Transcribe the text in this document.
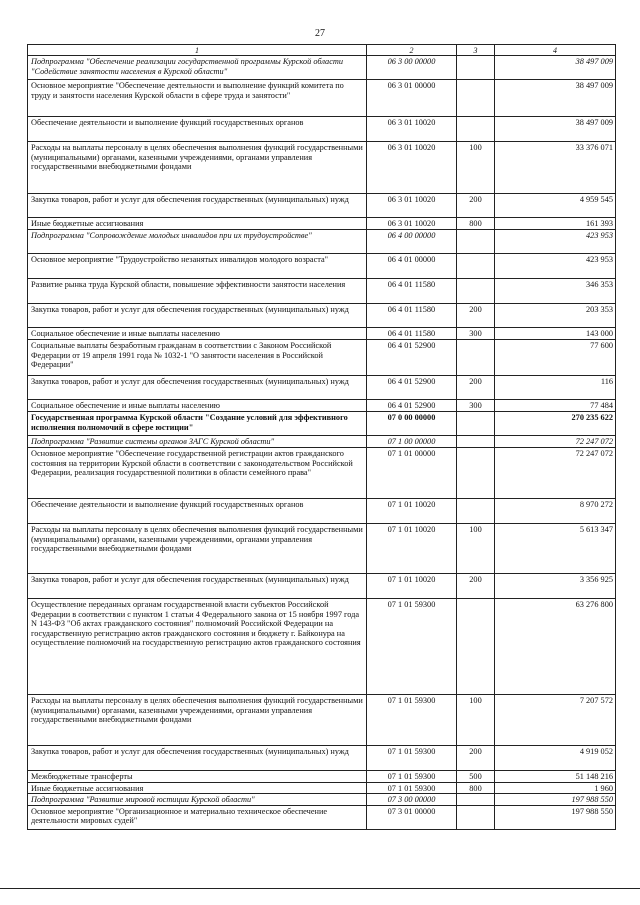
27
1	2	3	4
Подпрограмма "Обеспечение реализации государственной программы Курской области "Содействие занятости населения в Курской области"	06 3 00 00000		38 497 009
Основное мероприятие "Обеспечение деятельности и выполнение функций комитета по труду и занятости населения Курской области в сфере труда и занятости"	06 3 01 00000		38 497 009
Обеспечение деятельности и выполнение функций государственных органов	06 3 01 10020		38 497 009
Расходы на выплаты персоналу в целях обеспечения выполнения функций государственными (муниципальными) органами, казенными учреждениями, органами управления государственными внебюджетными фондами	06 3 01 10020	100	33 376 071
Закупка товаров, работ и услуг для обеспечения государственных (муниципальных) нужд	06 3 01 10020	200	4 959 545
Иные бюджетные ассигнования	06 3 01 10020	800	161 393
Подпрограмма "Сопровождение молодых инвалидов при их трудоустройстве"	06 4 00 00000		423 953
Основное мероприятие "Трудоустройство незанятых инвалидов молодого возраста"	06 4 01 00000		423 953
Развитие рынка труда Курской области, повышение эффективности занятости населения	06 4 01 11580		346 353
Закупка товаров, работ и услуг для обеспечения государственных (муниципальных) нужд	06 4 01 11580	200	203 353
Социальное обеспечение и иные выплаты населению	06 4 01 11580	300	143 000
Социальные выплаты безработным гражданам в соответствии с Законом Российской Федерации от 19 апреля 1991 года № 1032-1 "О занятости населения в Российской Федерации"	06 4 01 52900		77 600
Закупка товаров, работ и услуг для обеспечения государственных (муниципальных) нужд	06 4 01 52900	200	116
Социальное обеспечение и иные выплаты населению	06 4 01 52900	300	77 484
Государственная программа Курской области "Создание условий для эффективного исполнения полномочий в сфере юстиции"	07 0 00 00000		270 235 622
Подпрограмма "Развитие системы органов ЗАГС Курской области"	07 1 00 00000		72 247 072
Основное мероприятие "Обеспечение государственной регистрации актов гражданского состояния на территории Курской области в соответствии с законодательством Российской Федерации, реализация государственной политики в области семейного права"	07 1 01 00000		72 247 072
Обеспечение деятельности и выполнение функций государственных органов	07 1 01 10020		8 970 272
Расходы на выплаты персоналу в целях обеспечения выполнения функций государственными (муниципальными) органами, казенными учреждениями, органами управления государственными внебюджетными фондами	07 1 01 10020	100	5 613 347
Закупка товаров, работ и услуг для обеспечения государственных (муниципальных) нужд	07 1 01 10020	200	3 356 925
Осуществление переданных органам государственной власти субъектов Российской Федерации в соответствии с пунктом 1 статьи 4 Федерального закона от 15 ноября 1997 года N 143-ФЗ "Об актах гражданского состояния" полномочий Российской Федерации на государственную регистрацию актов гражданского состояния и бюджету г. Байконура на осуществление полномочий на государственную регистрацию актов гражданского состояния	07 1 01 59300		63 276 800
Расходы на выплаты персоналу в целях обеспечения выполнения функций государственными (муниципальными) органами, казенными учреждениями, органами управления государственными внебюджетными фондами	07 1 01 59300	100	7 207 572
Закупка товаров, работ и услуг для обеспечения государственных (муниципальных) нужд	07 1 01 59300	200	4 919 052
Межбюджетные трансферты	07 1 01 59300	500	51 148 216
Иные бюджетные ассигнования	07 1 01 59300	800	1 960
Подпрограмма "Развитие мировой юстиции Курской области"	07 3 00 00000		197 988 550
Основное мероприятие "Организационное и материально техническое обеспечение деятельности мировых судей"	07 3 01 00000		197 988 550
